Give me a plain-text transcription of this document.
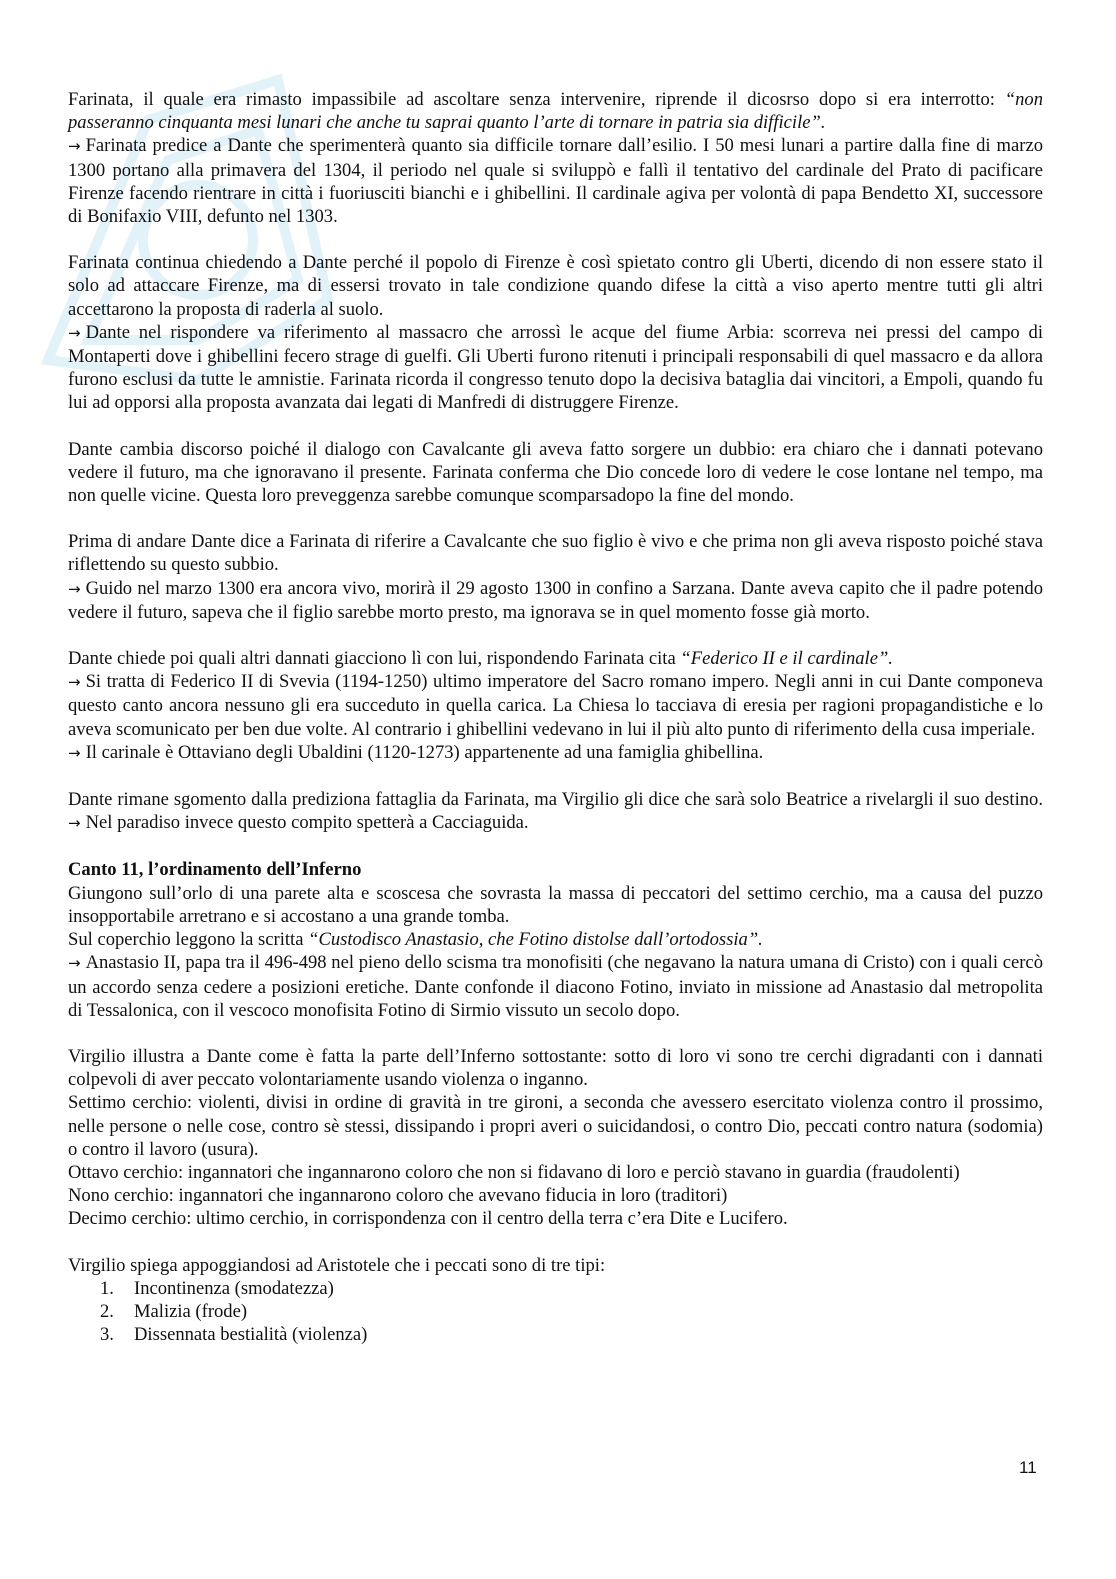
Farinata, il quale era rimasto impassibile ad ascoltare senza intervenire, riprende il dicosrso dopo si era interrotto: “non passeranno cinquanta mesi lunari che anche tu saprai quanto l’arte di tornare in patria sia difficile”.

→ Farinata predice a Dante che sperimenterà quanto sia difficile tornare dall’esilio. I 50 mesi lunari a partire dalla fine di marzo 1300 portano alla primavera del 1304, il periodo nel quale si sviluppò e fallì il tentativo del cardinale del Prato di pacificare Firenze facendo rientrare in città i fuoriusciti bianchi e i ghibellini. Il cardinale agiva per volontà di papa Bendetto XI, successore di Bonifaxio VIII, defunto nel 1303.

Farinata continua chiedendo a Dante perché il popolo di Firenze è così spietato contro gli Uberti, dicendo di non essere stato il solo ad attaccare Firenze, ma di essersi trovato in tale condizione quando difese la città a viso aperto mentre tutti gli altri accettarono la proposta di raderla al suolo.

→ Dante nel rispondere va riferimento al massacro che arrossì le acque del fiume Arbia: scorreva nei pressi del campo di Montaperti dove i ghibellini fecero strage di guelfi. Gli Uberti furono ritenuti i principali responsabili di quel massacro e da allora furono esclusi da tutte le amnistie. Farinata ricorda il congresso tenuto dopo la decisiva bataglia dai vincitori, a Empoli, quando fu lui ad opporsi alla proposta avanzata dai legati di Manfredi di distruggere Firenze.

Dante cambia discorso poiché il dialogo con Cavalcante gli aveva fatto sorgere un dubbio: era chiaro che i dannati potevano vedere il futuro, ma che ignoravano il presente. Farinata conferma che Dio concede loro di vedere le cose lontane nel tempo, ma non quelle vicine. Questa loro preveggenza sarebbe comunque scomparsadopo la fine del mondo.

Prima di andare Dante dice a Farinata di riferire a Cavalcante che suo figlio è vivo e che prima non gli aveva risposto poiché stava riflettendo su questo subbio.

→ Guido nel marzo 1300 era ancora vivo, morirà il 29 agosto 1300 in confino a Sarzana. Dante aveva capito che il padre potendo vedere il futuro, sapeva che il figlio sarebbe morto presto, ma ignorava se in quel momento fosse già morto.

Dante chiede poi quali altri dannati giacciono lì con lui, rispondendo Farinata cita “Federico II e il cardinale”.

→ Si tratta di Federico II di Svevia (1194-1250) ultimo imperatore del Sacro romano impero. Negli anni in cui Dante componeva questo canto ancora nessuno gli era succeduto in quella carica. La Chiesa lo tacciava di eresia per ragioni propagandistiche e lo aveva scomunicato per ben due volte. Al contrario i ghibellini vedevano in lui il più alto punto di riferimento della cusa imperiale.

→ Il carinale è Ottaviano degli Ubaldini (1120-1273) appartenente ad una famiglia ghibellina.

Dante rimane sgomento dalla prediziona fattaglia da Farinata, ma Virgilio gli dice che sarà solo Beatrice a rivelargli il suo destino. → Nel paradiso invece questo compito spetterà a Cacciaguida.

Canto 11, l’ordinamento dell’Inferno

Giungono sull’orlo di una parete alta e scoscesa che sovrasta la massa di peccatori del settimo cerchio, ma a causa del puzzo insopportabile arretrano e si accostano a una grande tomba.

Sul coperchio leggono la scritta “Custodisco Anastasio, che Fotino distolse dall’ortodossia”.

→ Anastasio II, papa tra il 496-498 nel pieno dello scisma tra monofisiti (che negavano la natura umana di Cristo) con i quali cercò un accordo senza cedere a posizioni eretiche. Dante confonde il diacono Fotino, inviato in missione ad Anastasio dal metropolita di Tessalonica, con il vescoco monofisita Fotino di Sirmio vissuto un secolo dopo.

Virgilio illustra a Dante come è fatta la parte dell’Inferno sottostante: sotto di loro vi sono tre cerchi digradanti con i dannati colpevoli di aver peccato volontariamente usando violenza o inganno.

Settimo cerchio: violenti, divisi in ordine di gravità in tre gironi, a seconda che avessero esercitato violenza contro il prossimo, nelle persone o nelle cose, contro sè stessi, dissipando i propri averi o suicidandosi, o contro Dio, peccati contro natura (sodomia) o contro il lavoro (usura).

Ottavo cerchio: ingannatori che ingannarono coloro che non si fidavano di loro e perciò stavano in guardia (fraudolenti)

Nono cerchio: ingannatori che ingannarono coloro che avevano fiducia in loro (traditori)

Decimo cerchio: ultimo cerchio, in corrispondenza con il centro della terra c’era Dite e Lucifero.

Virgilio spiega appoggiandosi ad Aristotele che i peccati sono di tre tipi:

1.	Incontinenza (smodatezza)
2.	Malizia (frode)
3.	Dissennata bestialità (violenza)
11
